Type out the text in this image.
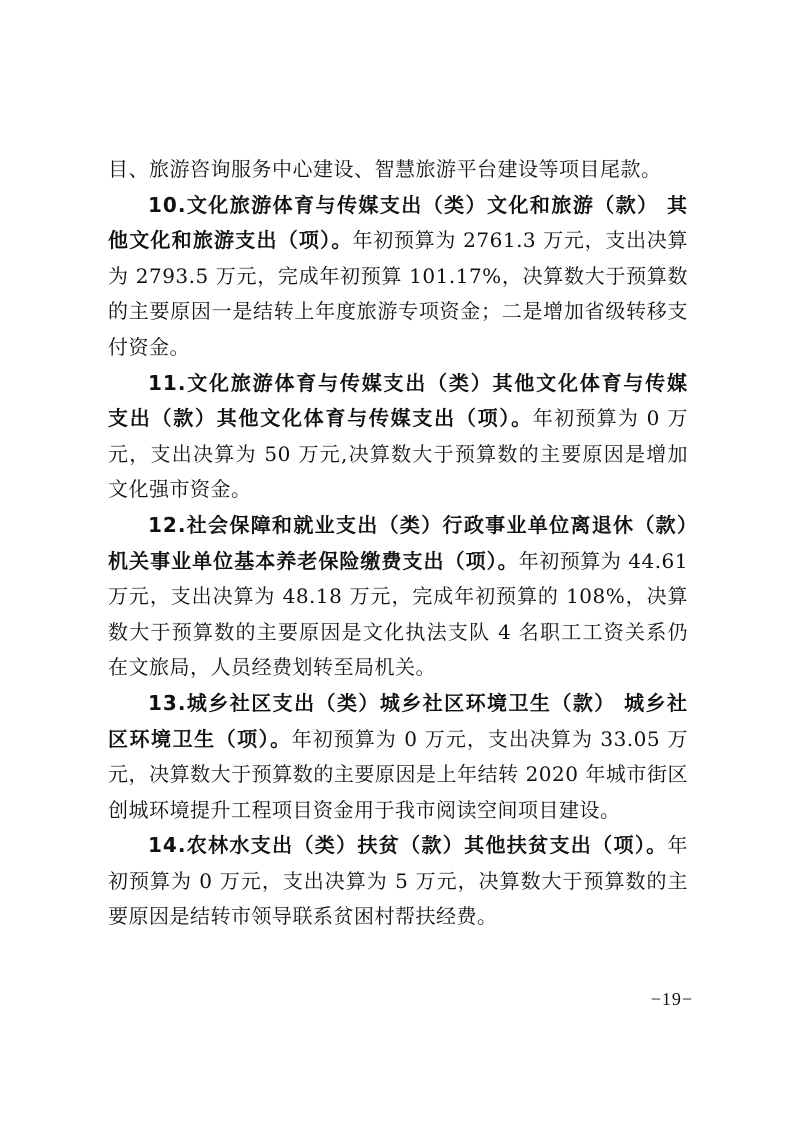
目、旅游咨询服务中心建设、智慧旅游平台建设等项目尾款。

10.文化旅游体育与传媒支出（类）文化和旅游（款） 其他文化和旅游支出（项）。年初预算为 2761.3 万元，支出决算为 2793.5 万元，完成年初预算 101.17%，决算数大于预算数的主要原因一是结转上年度旅游专项资金；二是增加省级转移支付资金。

11.文化旅游体育与传媒支出（类）其他文化体育与传媒支出（款）其他文化体育与传媒支出（项）。年初预算为 0 万元，支出决算为 50 万元,决算数大于预算数的主要原因是增加文化强市资金。

12.社会保障和就业支出（类）行政事业单位离退休（款）机关事业单位基本养老保险缴费支出（项）。年初预算为 44.61 万元，支出决算为 48.18 万元，完成年初预算的 108%，决算数大于预算数的主要原因是文化执法支队 4 名职工工资关系仍在文旅局，人员经费划转至局机关。

13.城乡社区支出（类）城乡社区环境卫生（款） 城乡社区环境卫生（项）。年初预算为 0 万元，支出决算为 33.05 万元，决算数大于预算数的主要原因是上年结转 2020 年城市街区创城环境提升工程项目资金用于我市阅读空间项目建设。

14.农林水支出（类）扶贫（款）其他扶贫支出（项）。年初预算为 0 万元，支出决算为 5 万元，决算数大于预算数的主要原因是结转市领导联系贫困村帮扶经费。

−19−
